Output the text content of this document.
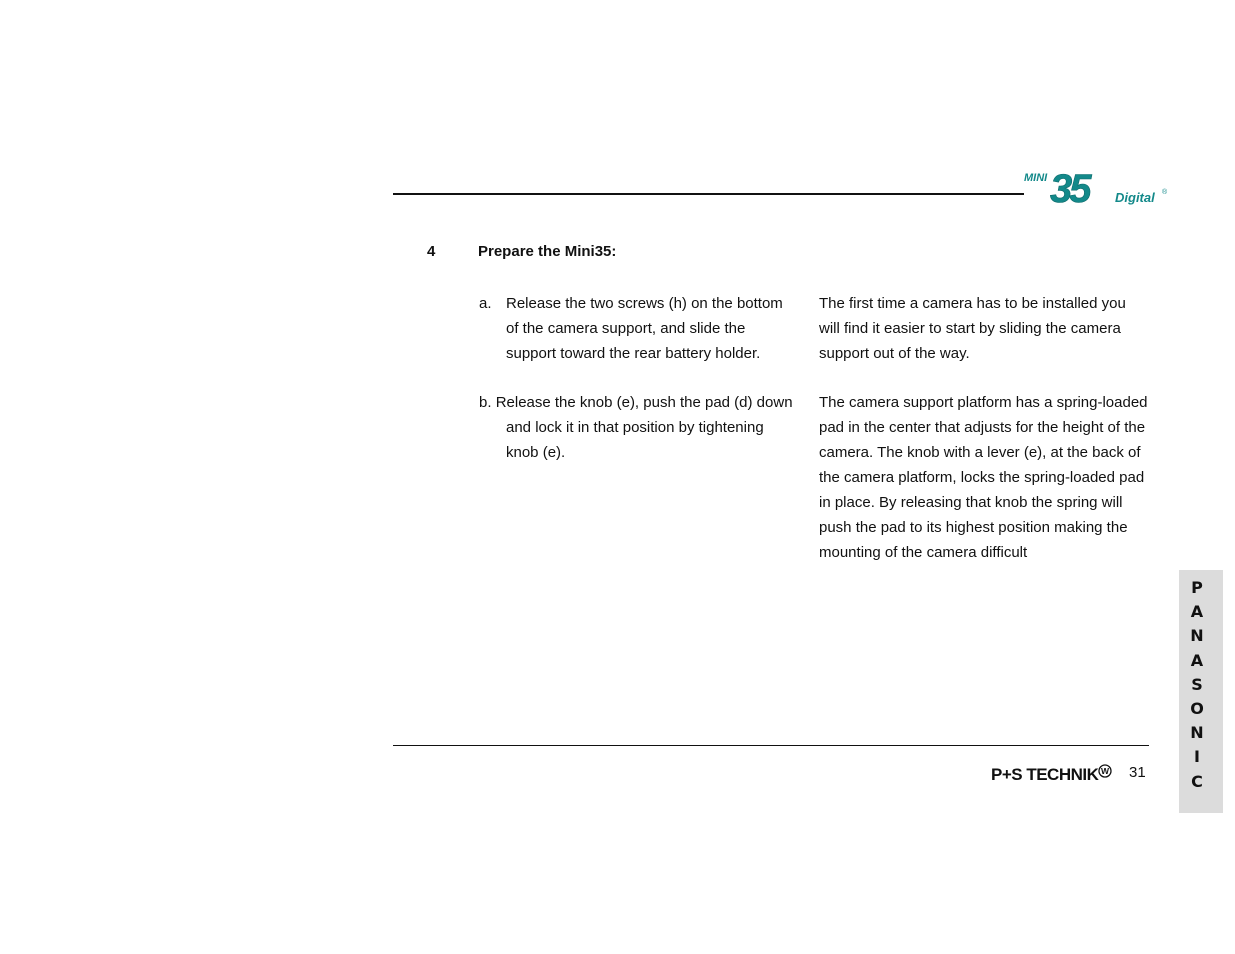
MINI 35 Digital ®
4	Prepare the Mini35:

a. Release the two screws (h) on the bottom of the camera support, and slide the support toward the rear battery holder.

b. Release the knob (e), push the pad (d) down and lock it in that position by tightening knob (e).

The first time a camera has to be installed you will find it easier to start by sliding the camera support out of the way.

The camera support platform has a spring-loaded pad in the center that adjusts for the height of the camera. The knob with a lever (e), at the back of the camera platform, locks the spring-loaded pad in place. By releasing that knob the spring will push the pad to its highest position making the mounting of the camera difficult

P+S TECHNIK W 31
P
A
N
A
S
O
N
I
C
